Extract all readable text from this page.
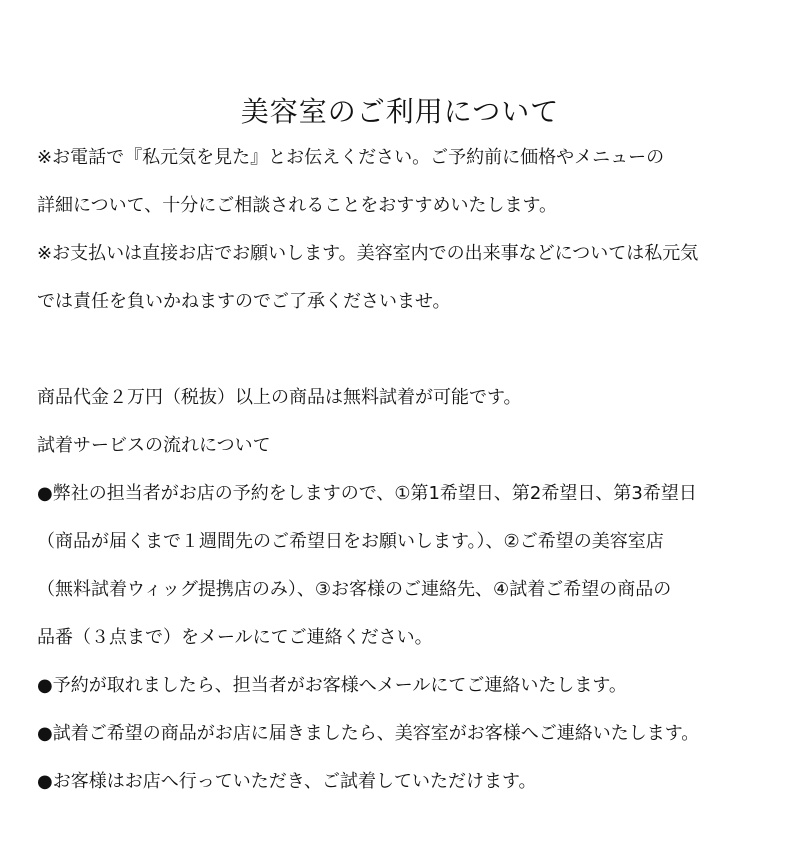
美容室のご利用について
※お電話で『私元気を見た』とお伝えください。ご予約前に価格やメニューの
詳細について、十分にご相談されることをおすすめいたします。
※お支払いは直接お店でお願いします。美容室内での出来事などについては私元気
では責任を負いかねますのでご了承くださいませ。
商品代金２万円（税抜）以上の商品は無料試着が可能です。
試着サービスの流れについて
●弊社の担当者がお店の予約をしますので、①第1希望日、第2希望日、第3希望日
（商品が届くまで１週間先のご希望日をお願いします。）、②ご希望の美容室店
（無料試着ウィッグ提携店のみ）、③お客様のご連絡先、④試着ご希望の商品の
品番（３点まで）をメールにてご連絡ください。
●予約が取れましたら、担当者がお客様へメールにてご連絡いたします。
●試着ご希望の商品がお店に届きましたら、美容室がお客様へご連絡いたします。
●お客様はお店へ行っていただき、ご試着していただけます。
